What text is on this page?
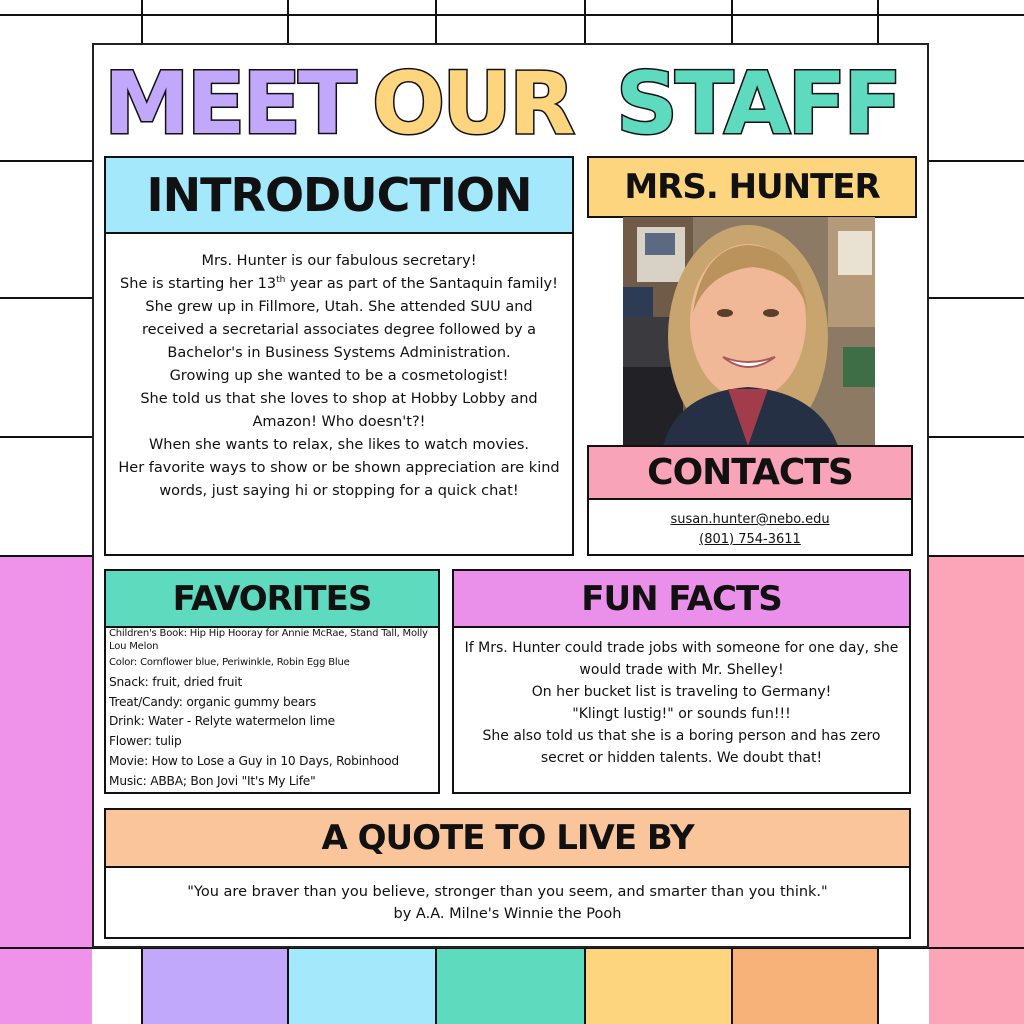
MEET OUR STAFF
INTRODUCTION
Mrs. Hunter is our fabulous secretary!
She is starting her 13th year as part of the Santaquin family!
She grew up in Fillmore, Utah. She attended SUU and received a secretarial associates degree followed by a Bachelor's in Business Systems Administration.
Growing up she wanted to be a cosmetologist!
She told us that she loves to shop at Hobby Lobby and Amazon! Who doesn't?!
When she wants to relax, she likes to watch movies.
Her favorite ways to show or be shown appreciation are kind words, just saying hi or stopping for a quick chat!
MRS. HUNTER
CONTACTS
susan.hunter@nebo.edu
(801) 754-3611
FAVORITES
Children's Book: Hip Hip Hooray for Annie McRae, Stand Tall, Molly Lou Melon
Color: Cornflower blue, Periwinkle, Robin Egg Blue
Snack: fruit, dried fruit
Treat/Candy: organic gummy bears
Drink: Water - Relyte watermelon lime
Flower: tulip
Movie: How to Lose a Guy in 10 Days, Robinhood
Music: ABBA; Bon Jovi "It's My Life"
FUN FACTS
If Mrs. Hunter could trade jobs with someone for one day, she would trade with Mr. Shelley!
On her bucket list is traveling to Germany!
"Klingt lustig!" or sounds fun!!!
She also told us that she is a boring person and has zero secret or hidden talents. We doubt that!
A QUOTE TO LIVE BY
"You are braver than you believe, stronger than you seem, and smarter than you think."
by A.A. Milne's Winnie the Pooh
